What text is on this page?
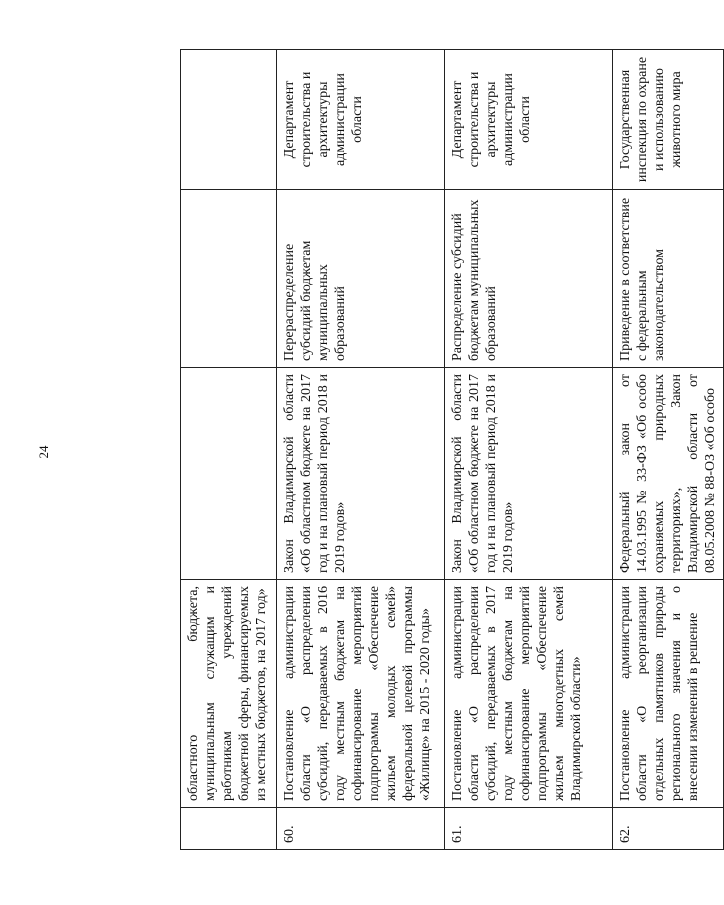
24
	областного бюджета, муниципальным служащим и работникам учреждений бюджетной сферы, финансируемых из местных бюджетов, на 2017 год»			
60.	Постановление администрации области «О распределении субсидий, передаваемых в 2016 году местным бюджетам на софинансирование мероприятий подпрограммы «Обеспечение жильем молодых семей» федеральной целевой программы «Жилище» на 2015 - 2020 годы»	Закон Владимирской области «Об областном бюджете на 2017 год и на плановый период 2018 и 2019 годов»	Перераспределение субсидий бюджетам муниципальных образований	Департамент строительства и архитектуры администрации области
61.	Постановление администрации области «О распределении субсидий, передаваемых в 2017 году местным бюджетам на софинансирование мероприятий подпрограммы «Обеспечение жильем многодетных семей Владимирской области»	Закон Владимирской области «Об областном бюджете на 2017 год и на плановый период 2018 и 2019 годов»	Распределение субсидий бюджетам муниципальных образований	Департамент строительства и архитектуры администрации области
62.	Постановление администрации области «О реорганизации отдельных памятников природы регионального значения и о внесении изменений в решение	Федеральный закон от 14.03.1995 № 33-ФЗ «Об особо охраняемых природных территориях», Закон Владимирской области от 08.05.2008 № 88-ОЗ «Об особо	Приведение в соответствие с федеральным законодательством	Государственная инспекция по охране и использованию животного мира
